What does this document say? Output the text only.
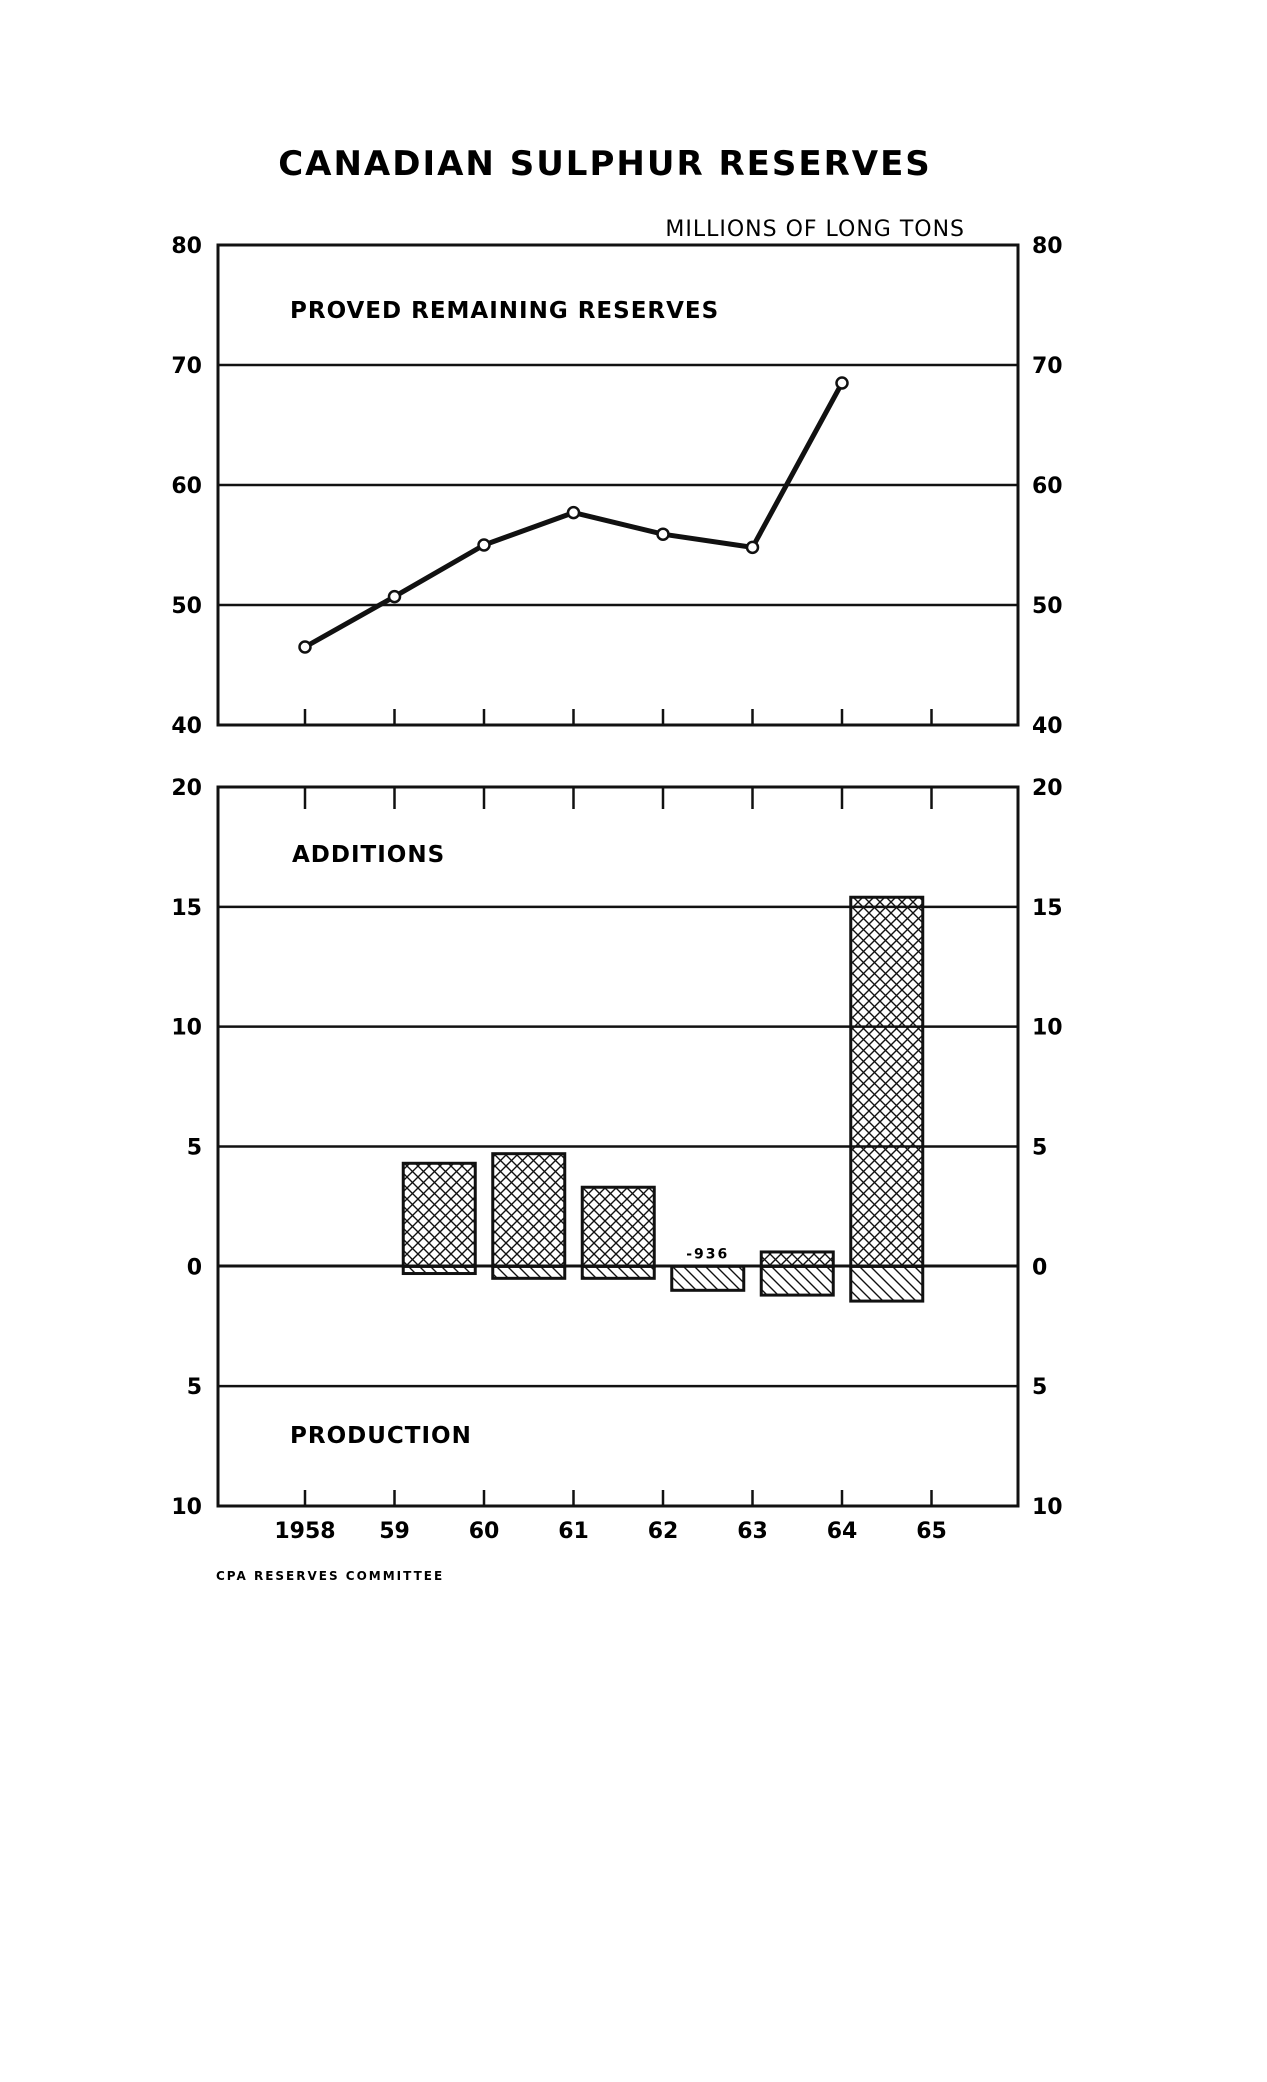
CANADIAN SULPHUR RESERVES
MILLIONS OF LONG TONS
80
70
60
50
40
80
70
60
50
40
PROVED REMAINING RESERVES
20
15
10
5
0
5
10
20
15
10
5
0
5
10
ADDITIONS
PRODUCTION
-936
1958 59	60	61	62	63	64	65
CPA RESERVES COMMITTEE
